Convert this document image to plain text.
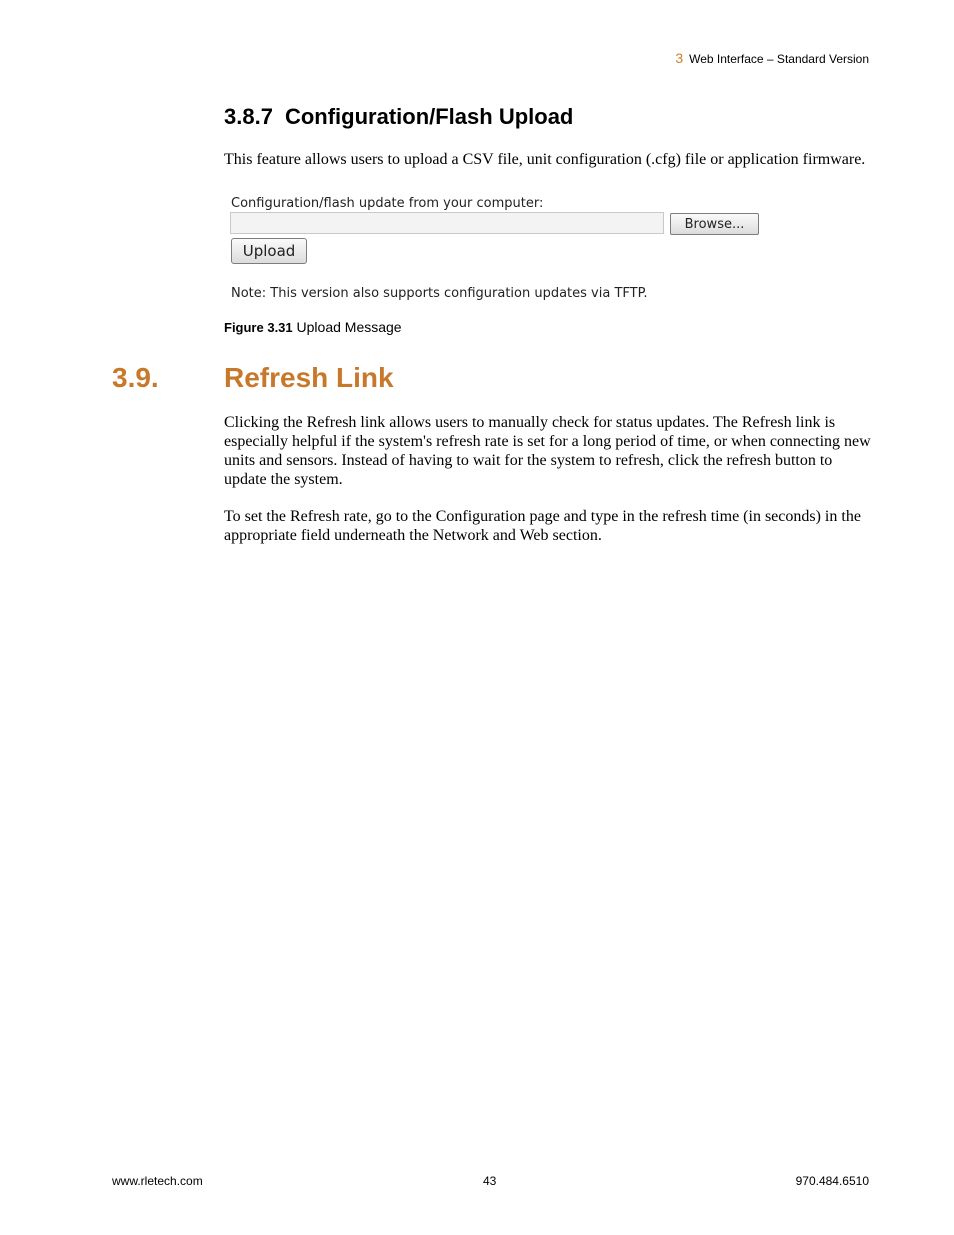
3 Web Interface – Standard Version
3.8.7 Configuration/Flash Upload

This feature allows users to upload a CSV file, unit configuration (.cfg) file or application firmware.

Configuration/flash update from your computer:
Browse...
Upload
Note: This version also supports configuration updates via TFTP.
Figure 3.31 Upload Message
3.9. Refresh Link

Clicking the Refresh link allows users to manually check for status updates. The Refresh link is especially helpful if the system's refresh rate is set for a long period of time, or when connecting new units and sensors. Instead of having to wait for the system to refresh, click the refresh button to update the system.

To set the Refresh rate, go to the Configuration page and type in the refresh time (in seconds) in the appropriate field underneath the Network and Web section.

www.rletech.com	43	970.484.6510
